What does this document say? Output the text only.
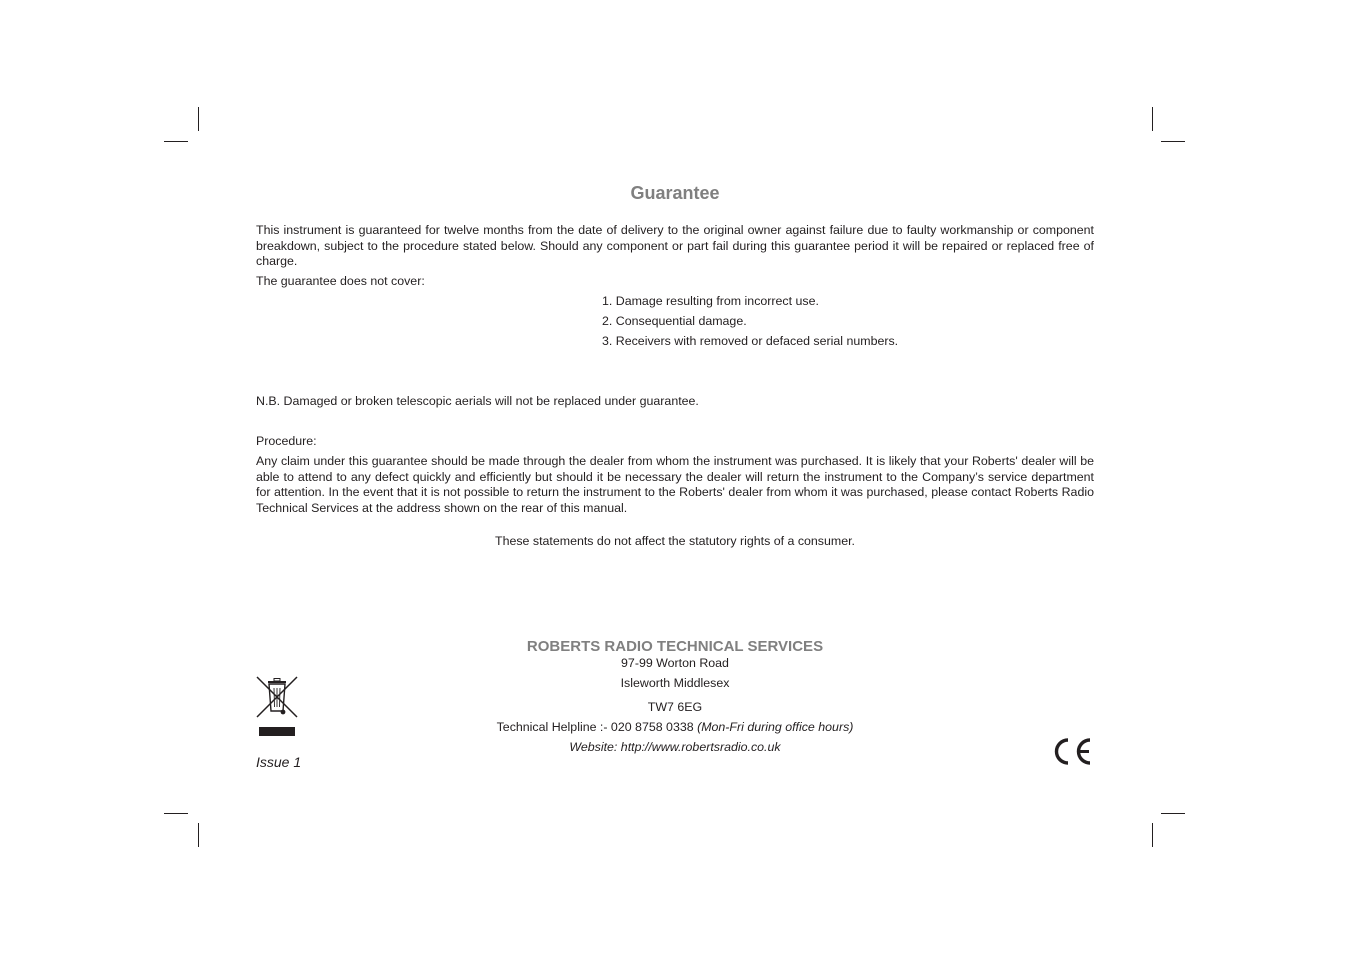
Guarantee

This instrument is guaranteed for twelve months from the date of delivery to the original owner against failure due to faulty workmanship or component breakdown, subject to the procedure stated below. Should any component or part fail during this guarantee period it will be repaired or replaced free of charge.

The guarantee does not cover:

1. Damage resulting from incorrect use.
2. Consequential damage.
3. Receivers with removed or defaced serial numbers.

N.B. Damaged or broken telescopic aerials will not be replaced under guarantee.

Procedure:

Any claim under this guarantee should be made through the dealer from whom the instrument was purchased. It is likely that your Roberts' dealer will be able to attend to any defect quickly and efficiently but should it be necessary the dealer will return the instrument to the Company’s service department for attention. In the event that it is not possible to return the instrument to the Roberts' dealer from whom it was purchased, please contact Roberts Radio Technical Services at the address shown on the rear of this manual.

These statements do not affect the statutory rights of a consumer.

ROBERTS RADIO TECHNICAL SERVICES

97-99 Worton Road

Isleworth Middlesex

TW7 6EG

Technical Helpline :- 020 8758 0338 (Mon-Fri during office hours)

Website: http://www.robertsradio.co.uk

Issue 1
